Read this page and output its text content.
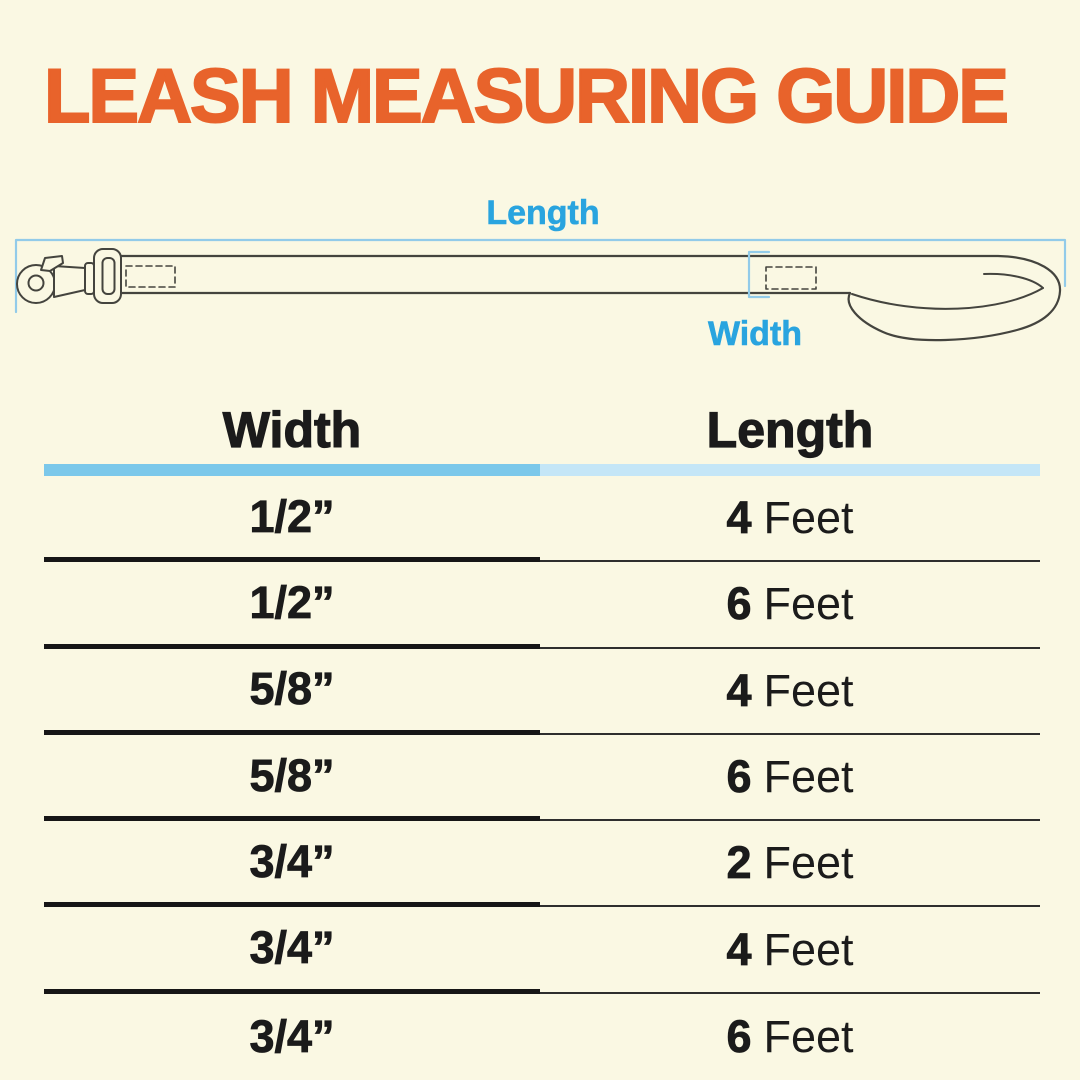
LEASH MEASURING GUIDE
Length
Width
Width	Length
1/2”	4 Feet
1/2”	6 Feet
5/8”	4 Feet
5/8”	6 Feet
3/4”	2 Feet
3/4”	4 Feet
3/4”	6 Feet
